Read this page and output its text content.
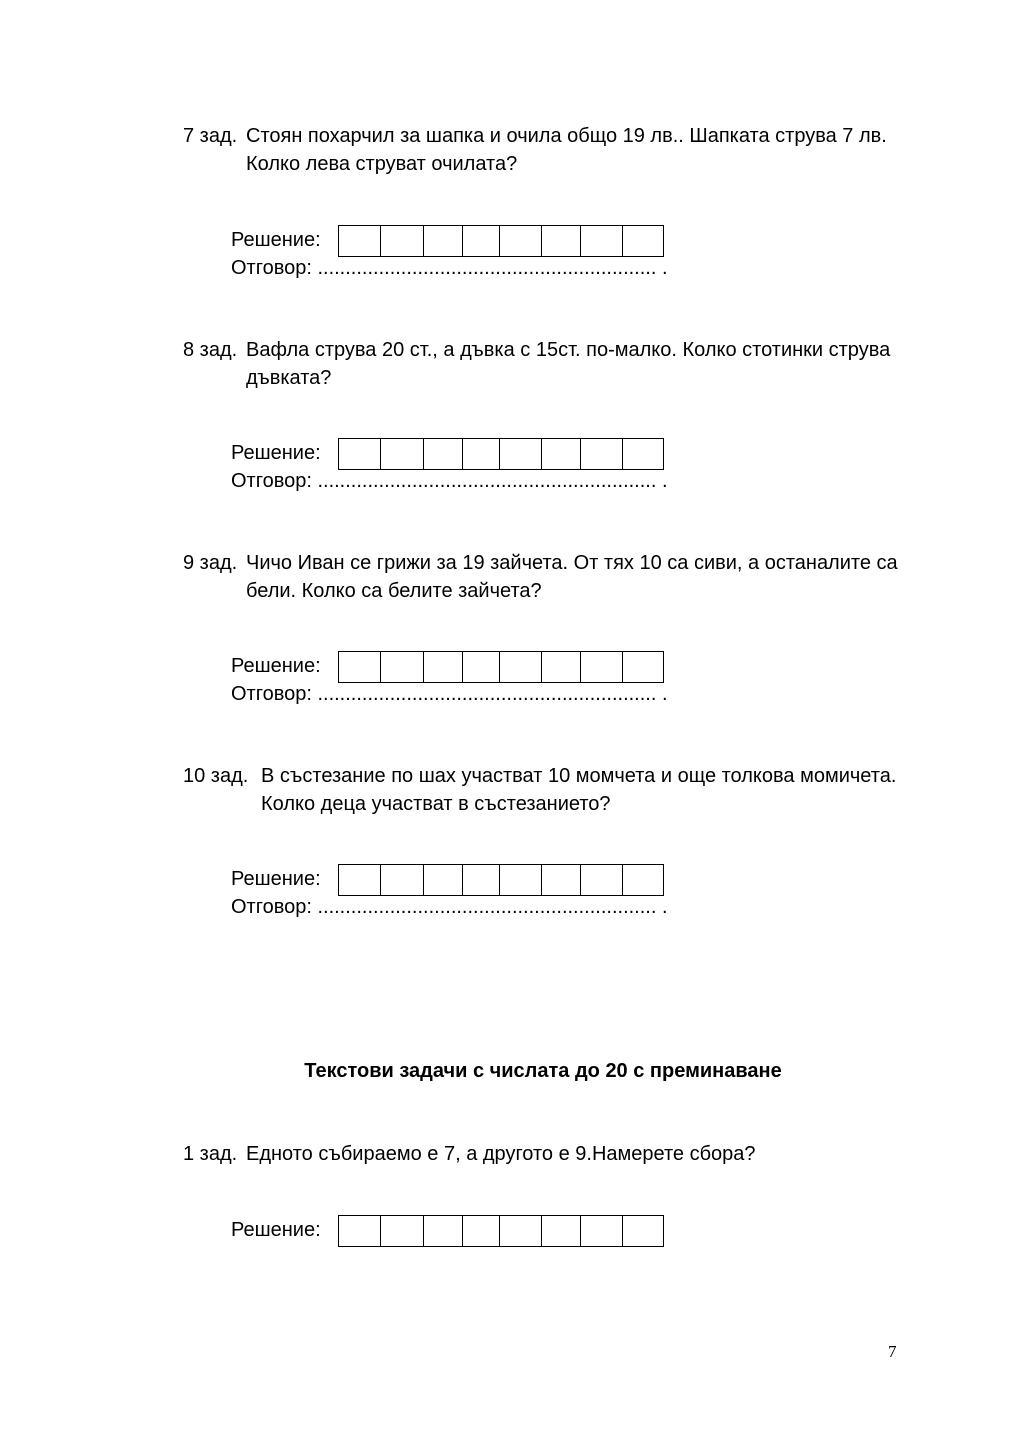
7 зад. Стоян похарчил за шапка и очила общо 19 лв.. Шапката струва 7 лв.
Колко лева струват очилата?
Решение:
Отговор: ............................................................. .
8 зад. Вафла струва 20 ст., а дъвка с 15ст. по-малко. Колко стотинки струва
дъвката?
Решение:
Отговор: ............................................................. .
9 зад. Чичо Иван се грижи за 19 зайчета. От тях 10 са сиви, а останалите са
бели. Колко са белите зайчета?
Решение:
Отговор: ............................................................. .
10 зад. В състезание по шах участват 10 момчета и още толкова момичета.
Колко деца участват в състезанието?
Решение:
Отговор: ............................................................. .
Текстови задачи с числата до 20 с преминаване
1 зад. Едното събираемо е 7, а другото е 9.Намерете сбора?
Решение:
7
